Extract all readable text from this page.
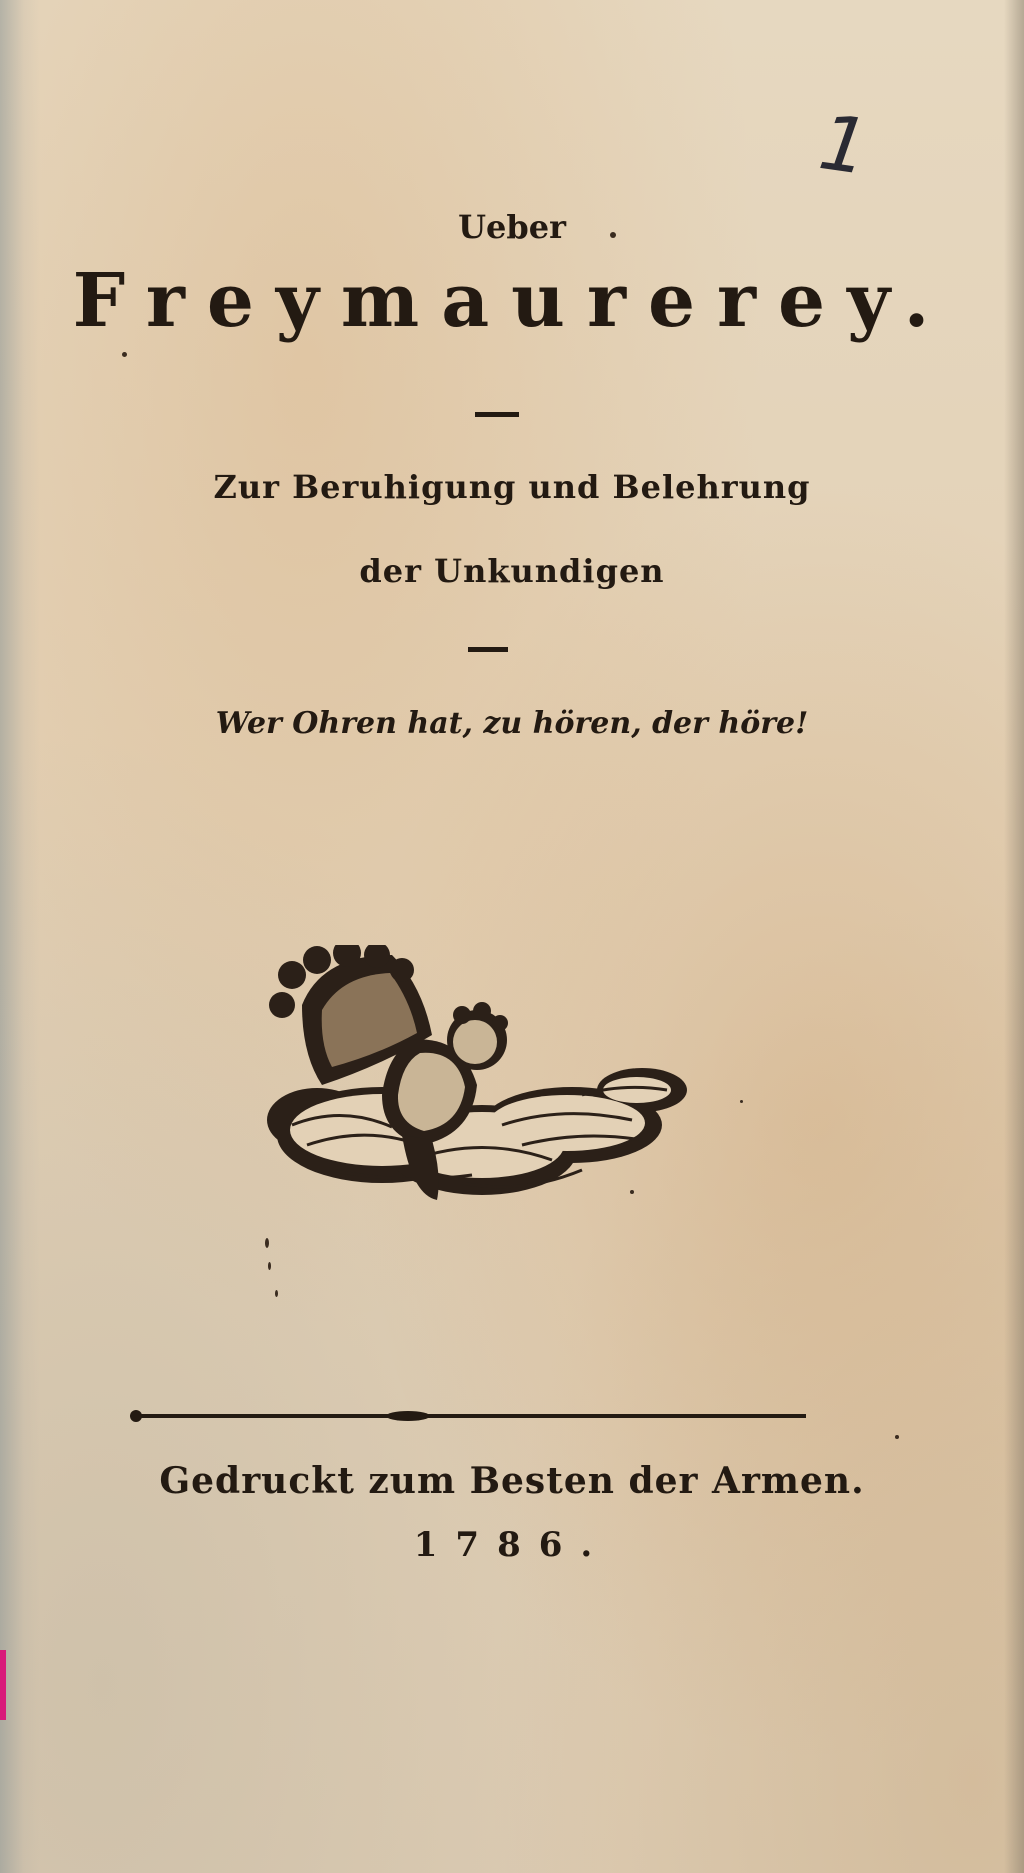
1
Ueber
Freymaurerey.
Zur Beruhigung und Belehrung
der Unkundigen
Wer Ohren hat, zu hören, der höre!
Gedruckt zum Besten der Armen.
1786.
